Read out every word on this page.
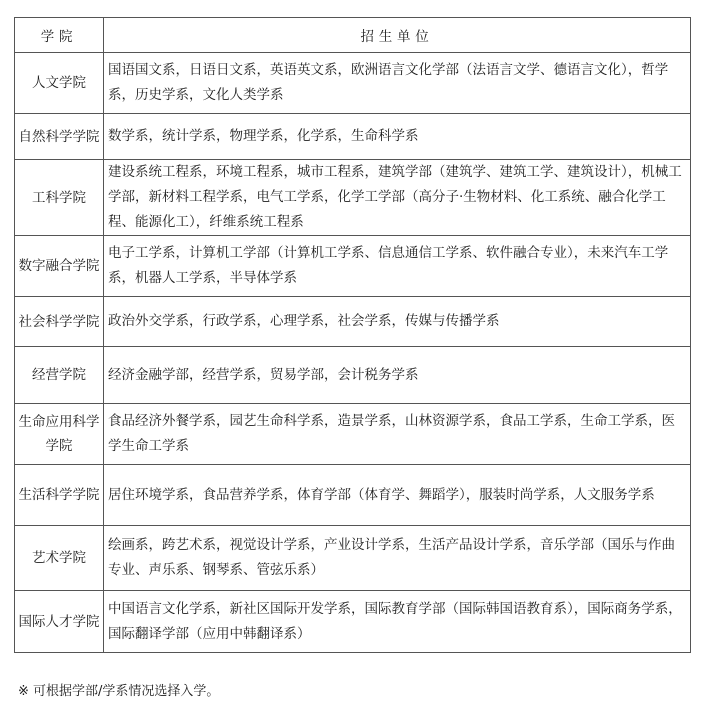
学院	招生单位
人文学院	国语国文系，日语日文系，英语英文系，欧洲语言文化学部（法语言文学、德语言文化），哲学系，历史学系，文化人类学系
自然科学学院	数学系，统计学系，物理学系，化学系，生命科学系
工科学院	建设系统工程系，环境工程系，城市工程系，建筑学部（建筑学、建筑工学、建筑设计），机械工学部，新材料工程学系，电气工学系，化学工学部（高分子·生物材料、化工系统、融合化学工程、能源化工），纤维系统工程系
数字融合学院	电子工学系，计算机工学部（计算机工学系、信息通信工学系、软件融合专业），未来汽车工学系，机器人工学系，半导体学系
社会科学学院	政治外交学系，行政学系，心理学系，社会学系，传媒与传播学系
经营学院	经济金融学部，经营学系，贸易学部，会计税务学系
生命应用科学学院	食品经济外餐学系，园艺生命科学系，造景学系，山林资源学系，食品工学系，生命工学系，医学生命工学系
生活科学学院	居住环境学系，食品营养学系，体育学部（体育学、舞蹈学），服装时尚学系，人文服务学系
艺术学院	绘画系，跨艺术系，视觉设计学系，产业设计学系，生活产品设计学系，音乐学部（国乐与作曲专业、声乐系、钢琴系、管弦乐系）
国际人才学院	中国语言文化学系，新社区国际开发学系，国际教育学部（国际韩国语教育系），国际商务学系，国际翻译学部（应用中韩翻译系）
※ 可根据学部/学系情况选择入学。
